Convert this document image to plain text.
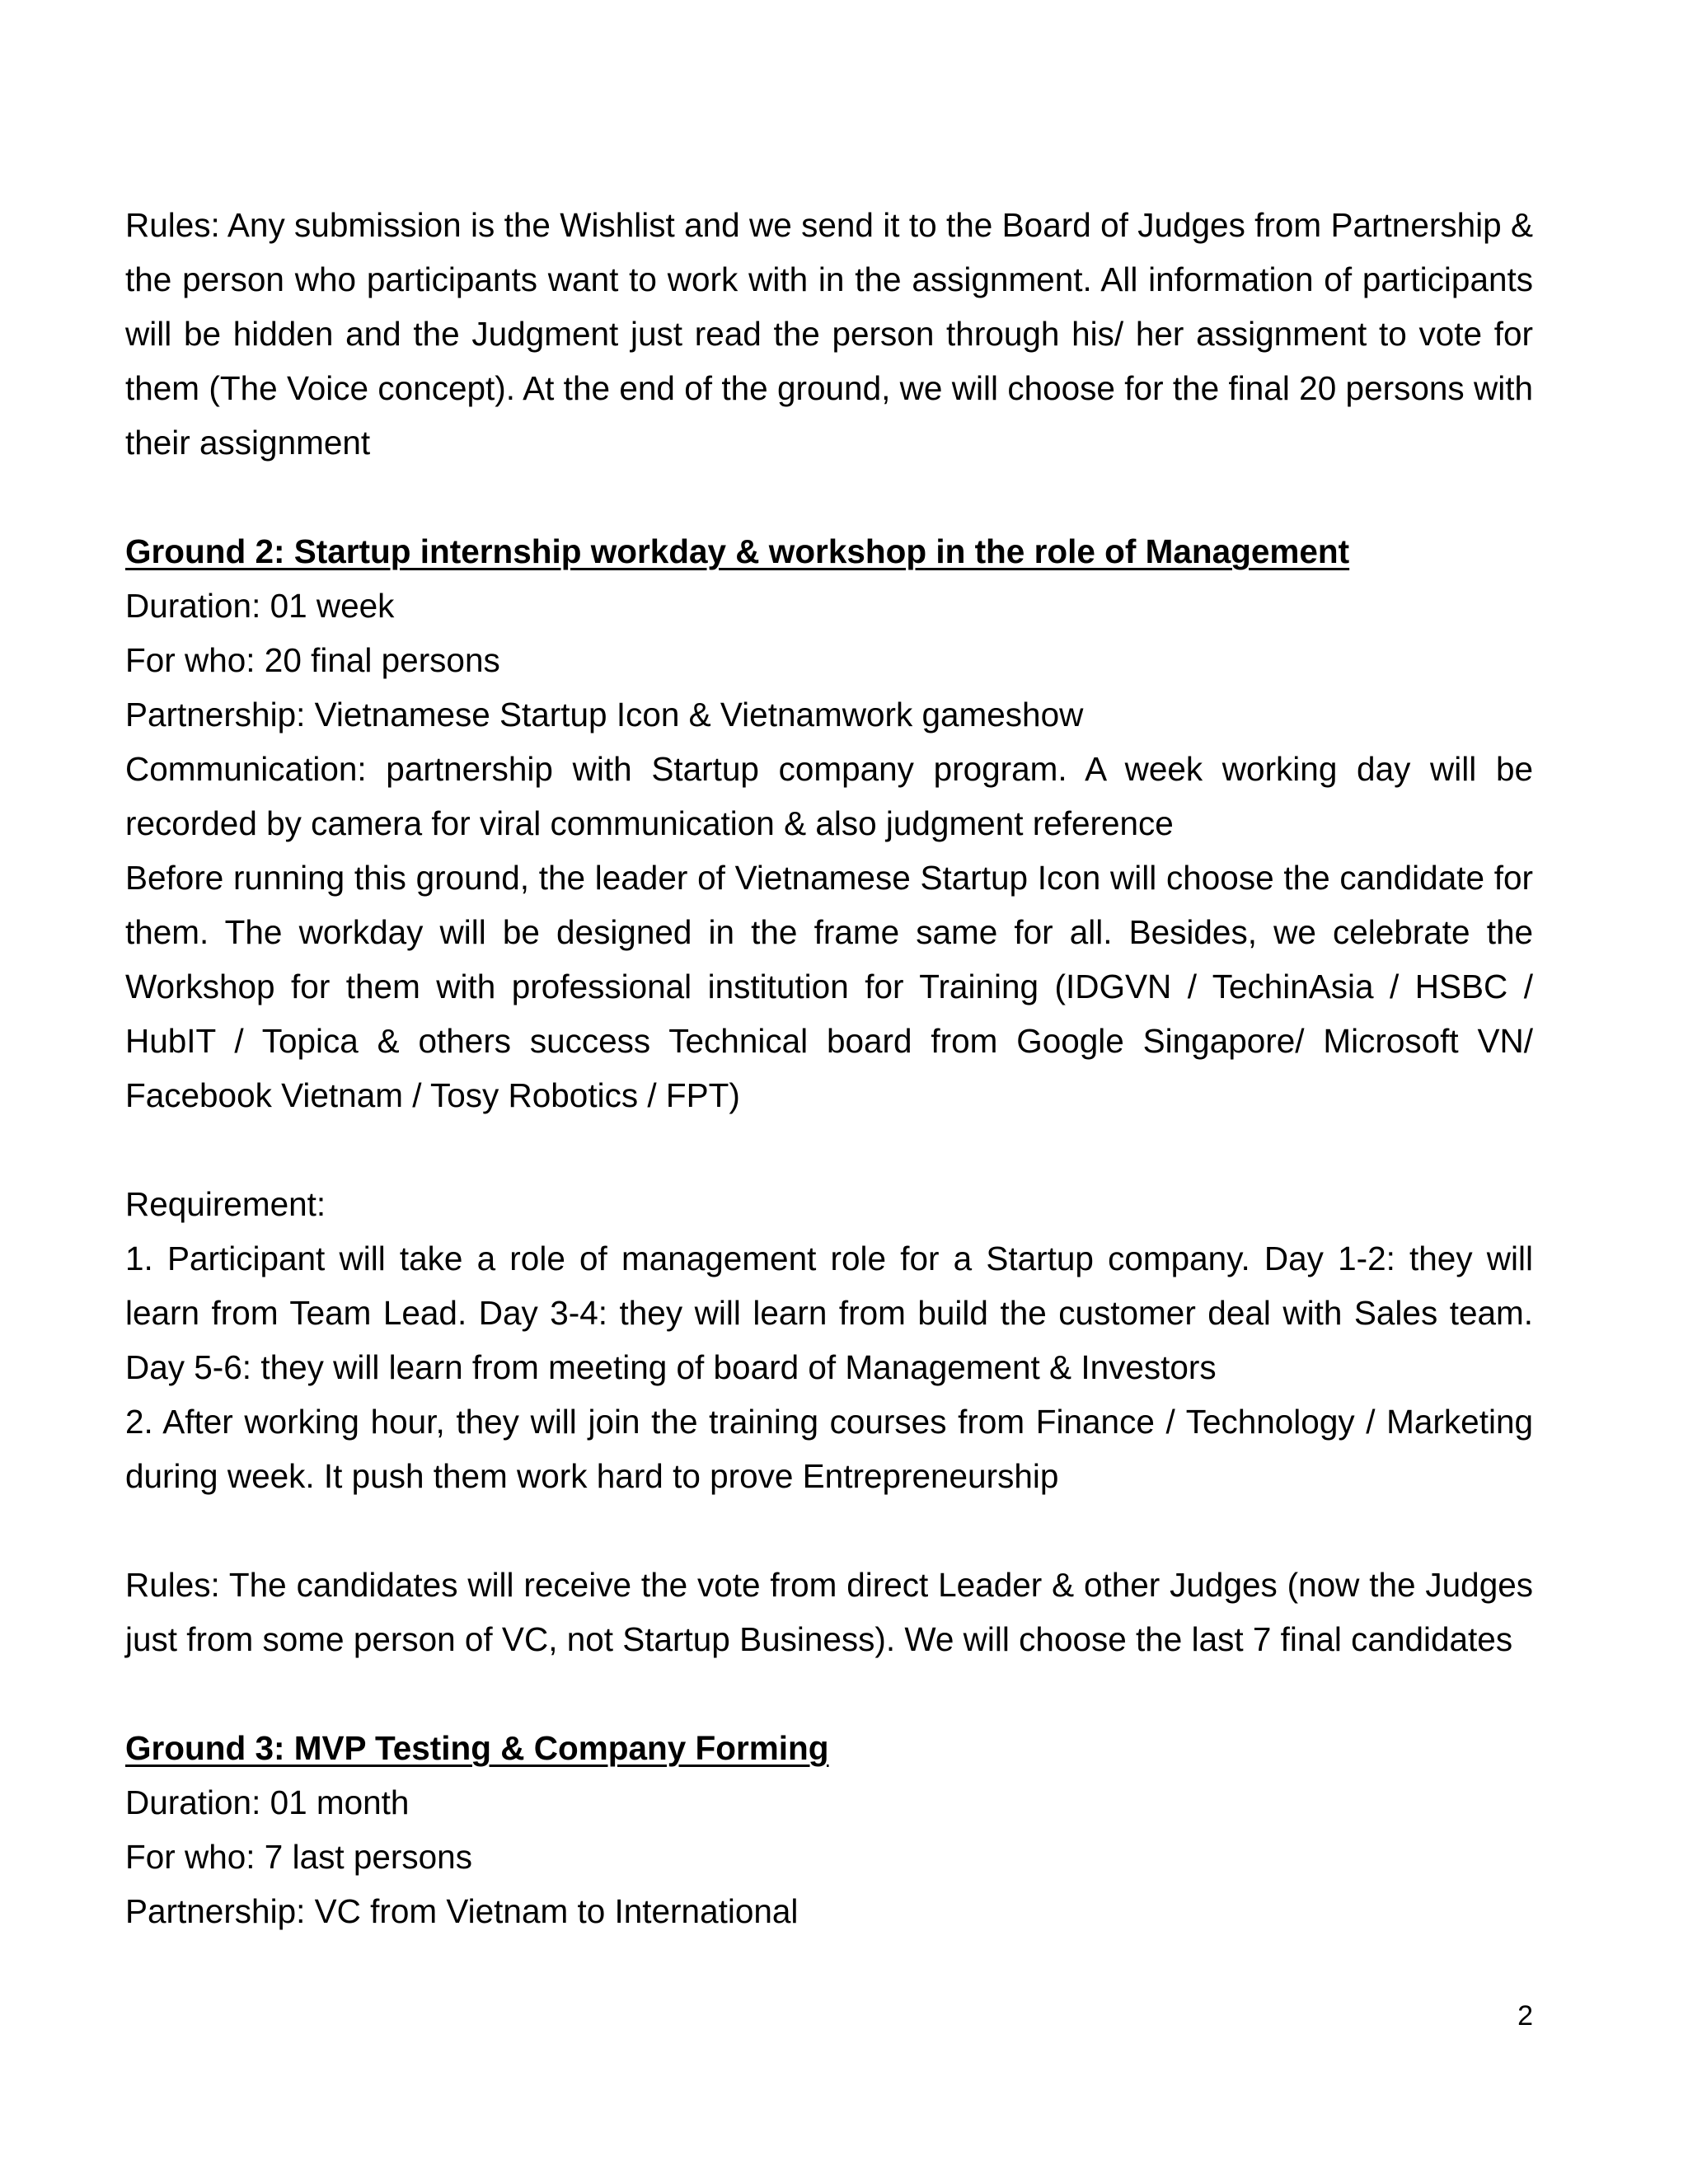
Rules: Any submission is the Wishlist and we send it to the Board of Judges from Partnership & the person who participants want to work with in the assignment. All information of participants will be hidden and the Judgment just read the person through his/ her assignment to vote for them (The Voice concept). At the end of the ground, we will choose for the final 20 persons with their assignment

Ground 2: Startup internship workday & workshop in the role of Management

Duration: 01 week

For who: 20 final persons

Partnership: Vietnamese Startup Icon & Vietnamwork gameshow

Communication: partnership with Startup company program. A week working day will be recorded by camera for viral communication & also judgment reference

Before running this ground, the leader of Vietnamese Startup Icon will choose the candidate for them. The workday will be designed in the frame same for all. Besides, we celebrate the Workshop for them with professional institution for Training (IDGVN / TechinAsia / HSBC / HubIT / Topica & others success Technical board from Google Singapore/ Microsoft VN/ Facebook Vietnam / Tosy Robotics / FPT)

Requirement:

1. Participant will take a role of management role for a Startup company. Day 1-2: they will learn from Team Lead. Day 3-4: they will learn from build the customer deal with Sales team. Day 5-6: they will learn from meeting of board of Management & Investors

2. After working hour, they will join the training courses from Finance / Technology / Marketing during week. It push them work hard to prove Entrepreneurship

Rules: The candidates will receive the vote from direct Leader & other Judges (now the Judges just from some person of VC, not Startup Business). We will choose the last 7 final candidates

Ground 3: MVP Testing & Company Forming

Duration: 01 month

For who: 7 last persons

Partnership: VC from Vietnam to International

2
